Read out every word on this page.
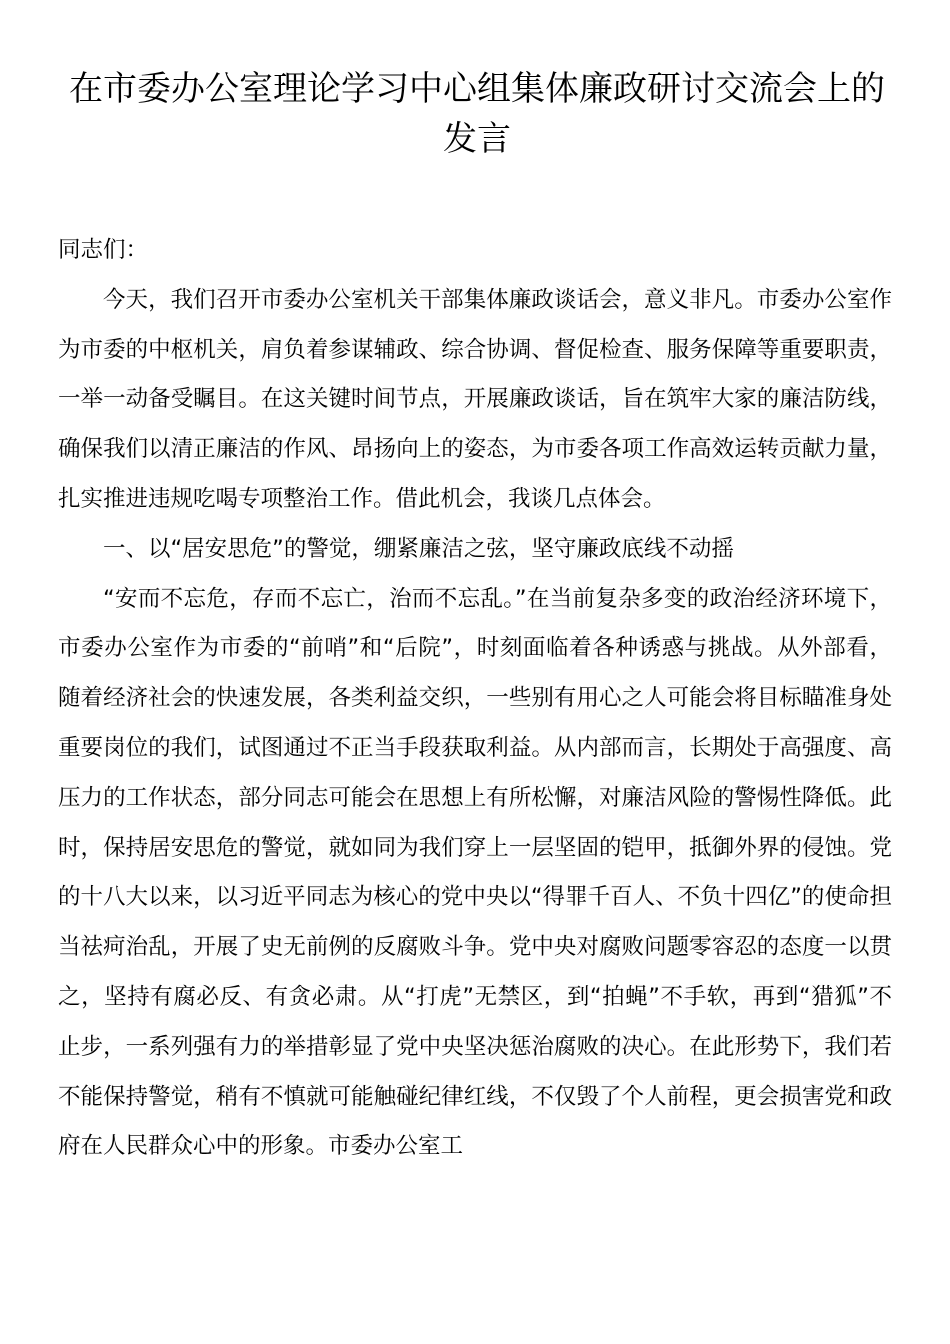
在市委办公室理论学习中心组集体廉政研讨交流会上的发言

同志们：

今天，我们召开市委办公室机关干部集体廉政谈话会，意义非凡。市委办公室作为市委的中枢机关，肩负着参谋辅政、综合协调、督促检查、服务保障等重要职责，一举一动备受瞩目。在这关键时间节点，开展廉政谈话，旨在筑牢大家的廉洁防线，确保我们以清正廉洁的作风、昂扬向上的姿态，为市委各项工作高效运转贡献力量，扎实推进违规吃喝专项整治工作。借此机会，我谈几点体会。

一、以“居安思危”的警觉，绷紧廉洁之弦，坚守廉政底线不动摇

“安而不忘危，存而不忘亡，治而不忘乱。”在当前复杂多变的政治经济环境下，市委办公室作为市委的“前哨”和“后院”，时刻面临着各种诱惑与挑战。从外部看，随着经济社会的快速发展，各类利益交织，一些别有用心之人可能会将目标瞄准身处重要岗位的我们，试图通过不正当手段获取利益。从内部而言，长期处于高强度、高压力的工作状态，部分同志可能会在思想上有所松懈，对廉洁风险的警惕性降低。此时，保持居安思危的警觉，就如同为我们穿上一层坚固的铠甲，抵御外界的侵蚀。党的十八大以来，以习近平同志为核心的党中央以“得罪千百人、不负十四亿”的使命担当祛疴治乱，开展了史无前例的反腐败斗争。党中央对腐败问题零容忍的态度一以贯之，坚持有腐必反、有贪必肃。从“打虎”无禁区，到“拍蝇”不手软，再到“猎狐”不止步，一系列强有力的举措彰显了党中央坚决惩治腐败的决心。在此形势下，我们若不能保持警觉，稍有不慎就可能触碰纪律红线，不仅毁了个人前程，更会损害党和政府在人民群众心中的形象。市委办公室工
